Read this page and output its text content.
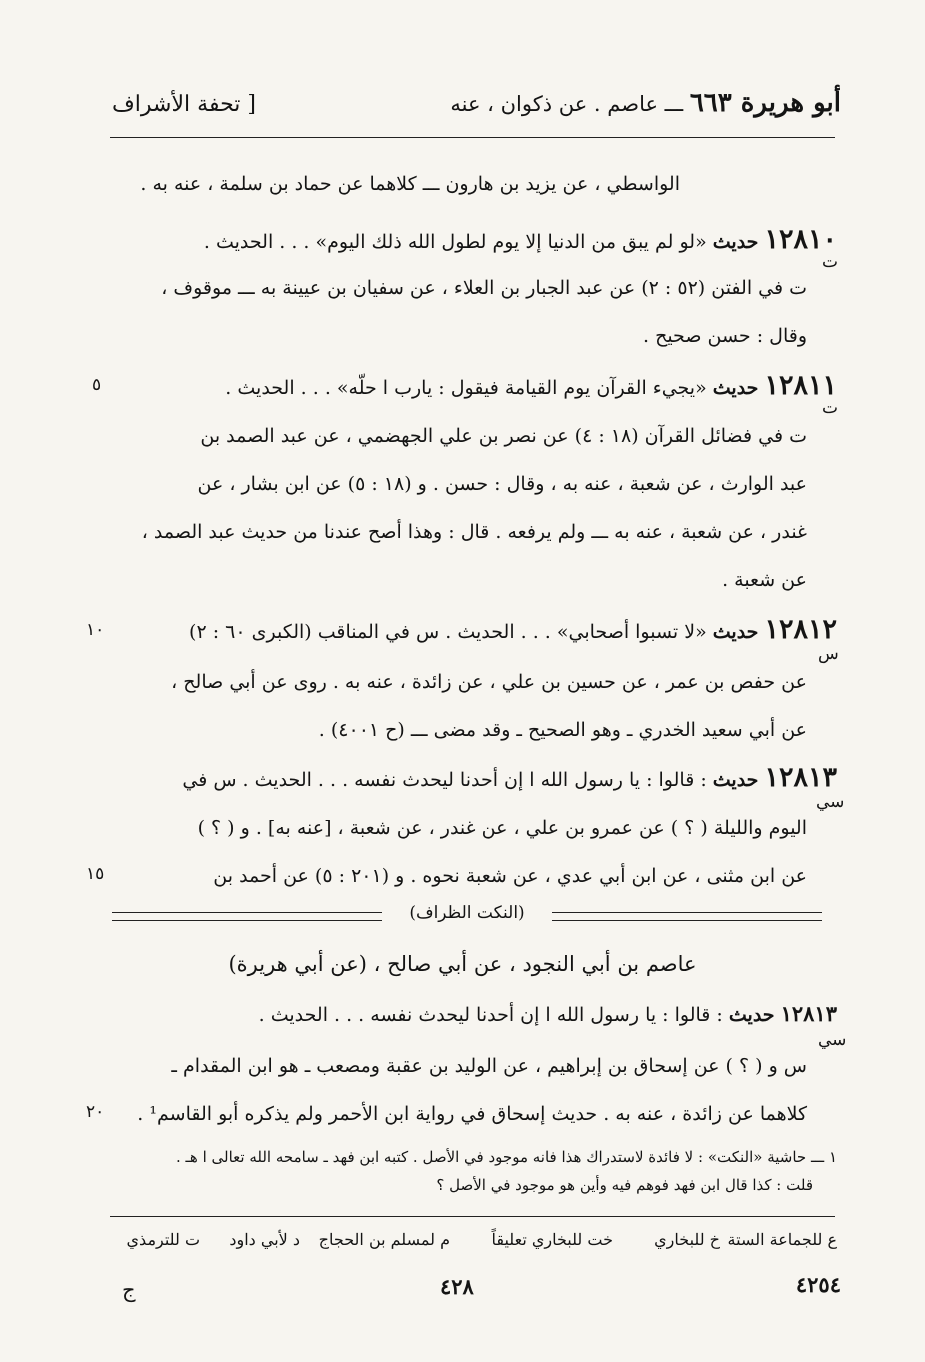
أبو هريرة ٦٦٣ ـــ عاصم . عن ذكوان ، عنه
[ تحفة الأشراف
الواسطي ، عن يزيد بن هارون ـــ كلاهما عن حماد بن سلمة ، عنه به .
١٢٨١٠ حديث «لو لم يبق من الدنيا إلا يوم لطول الله ذلك اليوم» . . . الحديث .
ت
ت في الفتن (٥٢ : ٢) عن عبد الجبار بن العلاء ، عن سفيان بن عيينة به ـــ موقوف ،
وقال : حسن صحيح .
١٢٨١١ حديث «يجيء القرآن يوم القيامة فيقول : يارب ا حلّه» . . . الحديث .
ت
٥
ت في فضائل القرآن (١٨ : ٤) عن نصر بن علي الجهضمي ، عن عبد الصمد بن
عبد الوارث ، عن شعبة ، عنه به ، وقال : حسن . و (١٨ : ٥) عن ابن بشار ، عن
غندر ، عن شعبة ، عنه به ـــ ولم يرفعه . قال : وهذا أصح عندنا من حديث عبد الصمد ،
عن شعبة .
١٢٨١٢ حديث «لا تسبوا أصحابي» . . . الحديث . س في المناقب (الكبرى ٦٠ : ٢)
س
١٠
عن حفص بن عمر ، عن حسين بن علي ، عن زائدة ، عنه به . روى عن أبي صالح ،
عن أبي سعيد الخدري ـ وهو الصحيح ـ وقد مضى ـــ (ح ٤٠٠١) .
١٢٨١٣ حديث : قالوا : يا رسول الله ا إن أحدنا ليحدث نفسه . . . الحديث . س في
سي
اليوم والليلة ( ؟ ) عن عمرو بن علي ، عن غندر ، عن شعبة ، [عنه به] . و ( ؟ )
عن ابن مثنى ، عن ابن أبي عدي ، عن شعبة نحوه . و (٢٠١ : ٥) عن أحمد بن
١٥
(النكت الظراف)
عاصم بن أبي النجود ، عن أبي صالح ، (عن أبي هريرة)
١٢٨١٣ حديث : قالوا : يا رسول الله ا إن أحدنا ليحدث نفسه . . . الحديث .
سي
س و ( ؟ ) عن إسحاق بن إبراهيم ، عن الوليد بن عقبة ومصعب ـ هو ابن المقدام ـ
كلاهما عن زائدة ، عنه به . حديث إسحاق في رواية ابن الأحمر ولم يذكره أبو القاسم¹ .
٢٠
١ ـــ حاشية «النكت» : لا فائدة لاستدراك هذا فانه موجود في الأصل . كتبه ابن فهد ـ سامحه الله تعالى ا هـ .
قلت : كذا قال ابن فهد فوهم فيه وأين هو موجود في الأصل ؟
ع للجماعة الستة
خ للبخاري
خت للبخاري تعليقاً
م لمسلم بن الحجاج
د لأبي داود
ت للترمذي
٤٢٥٤
٤٢٨
ج
